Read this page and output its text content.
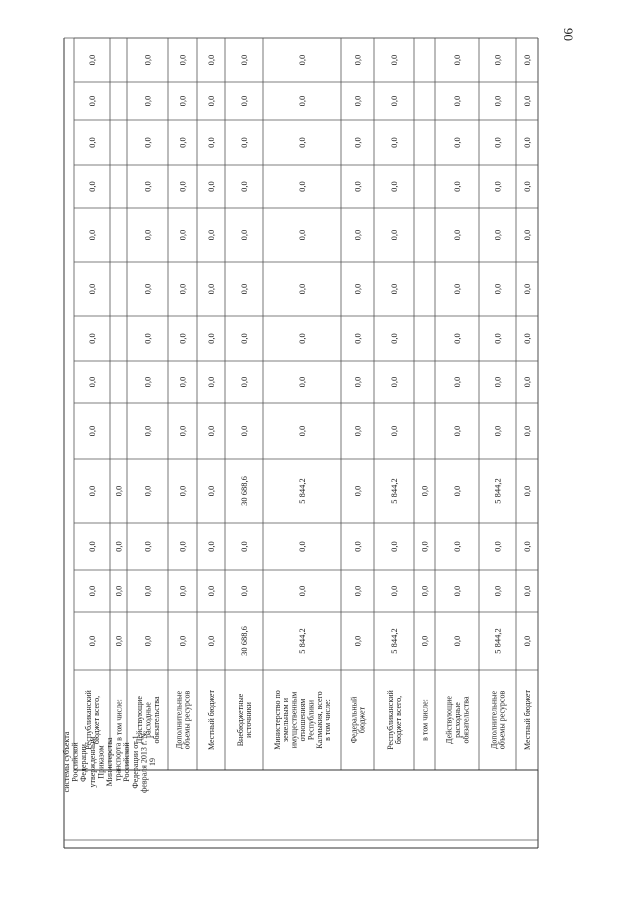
90
системы субъекта Российской Федерации, утвержденным Приказом Министерства транспорта Российской Федерации от 1 февраля 2013 г. № 19
Республиканский бюджет всего, в том числе: Действующие расходные обязательства Дополнительные объемы ресурсов Местный бюджет Внебюджетные источники Министерство по земельным и имущественным отношениям Республики Калмыкия, всего в том числе: Федеральный бюджет Республиканский бюджет всего, в том числе: Действующие расходные обязательства Дополнительные объемы ресурсов Местный бюджет
0,0
0,0
0,0
0,0
0,0
0,0
0,0
0,0
0,0
0,0
0,0
0,0
0,0
0,0
0,0
0,0
0,0
0,0
0,0
0,0
0,0
0,0
0,0
0,0
0,0
0,0
0,0
0,0
0,0
0,0
0,0
0,0
0,0
0,0
0,0
0,0
0,0
0,0
0,0
0,0
0,0
0,0
0,0
0,0
0,0
0,0
0,0
0,0
0,0
0,0
0,0
0,0
0,0
0,0
0,0
0,0
30 688,6
0,0
0,0
30 688,6
0,0
0,0
0,0
0,0
0,0
0,0
0,0
0,0
0,0
5 844,2
0,0
0,0
5 844,2
0,0
0,0
0,0
0,0
0,0
0,0
0,0
0,0
0,0
0,0
0,0
0,0
0,0
0,0
0,0
0,0
0,0
0,0
0,0
0,0
0,0
0,0
5 844,2
0,0
0,0
5 844,2
0,0
0,0
0,0
0,0
0,0
0,0
0,0
0,0
0,0
0,0
0,0
0,0
0,0
0,0
0,0
0,0
0,0
0,0
0,0
0,0
0,0
0,0
0,0
0,0
0,0
0,0
5 844,2
0,0
0,0
5 844,2
0,0
0,0
0,0
0,0
0,0
0,0
0,0
0,0
0,0
0,0
0,0
0,0
0,0
0,0
0,0
0,0
0,0
0,0
0,0
0,0
0,0
0,0
